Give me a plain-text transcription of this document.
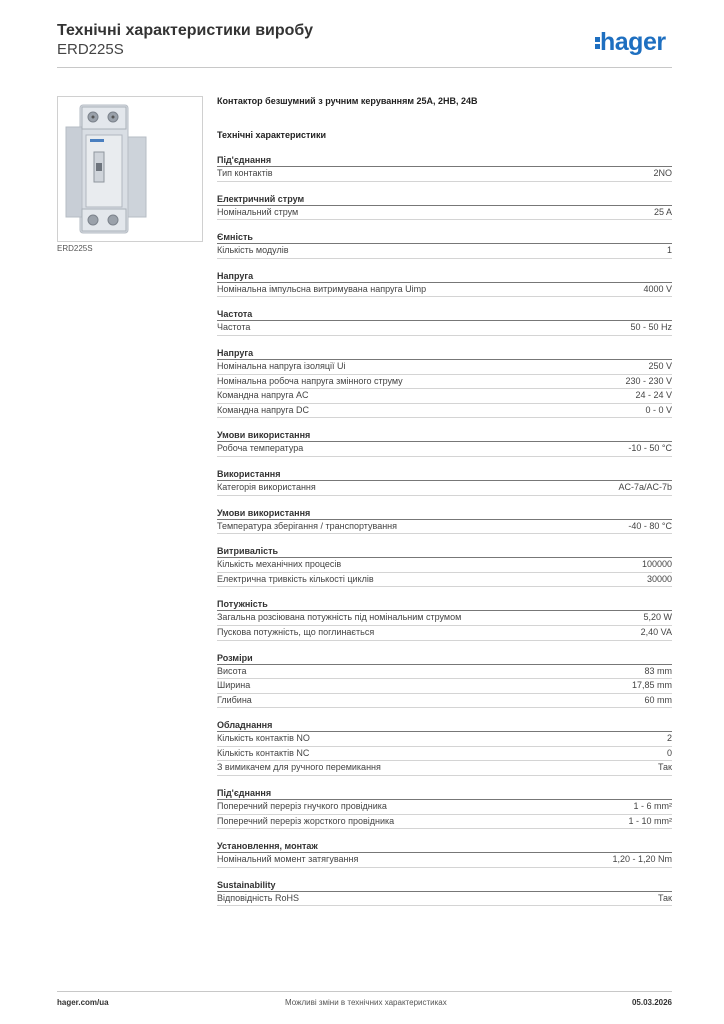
Технічні характеристики виробу
ERD225S	hager
ERD225S
Контактор безшумний з ручним керуванням 25A, 2НВ, 24В
Технічні характеристики
Під'єднання
Тип контактів	2NO
Електричний струм
Номінальний струм	25 A
Ємність
Кількість модулів	1
Напруга
Номінальна імпульсна витримувана напруга Uimp	4000 V
Частота
Частота	50 - 50 Hz
Напруга
Номінальна напруга ізоляції Ui	250 V
Номінальна робоча напруга змінного струму	230 - 230 V
Командна напруга AC	24 - 24 V
Командна напруга DC	0 - 0 V
Умови використання
Робоча температура	-10 - 50 °C
Використання
Категорія використання	AC-7a/AC-7b
Умови використання
Температура зберігання / транспортування	-40 - 80 °C
Витривалість
Кількість механічних процесів	100000
Електрична тривкість кількості циклів	30000
Потужність
Загальна розсіювана потужність під номінальним струмом	5,20 W
Пускова потужність, що поглинається	2,40 VA
Розміри
Висота	83 mm
Ширина	17,85 mm
Глибина	60 mm
Обладнання
Кількість контактів NO	2
Кількість контактів NC	0
З вимикачем для ручного перемикання	Так
Під'єднання
Поперечний переріз гнучкого провідника	1 - 6 mm²
Поперечний переріз жорсткого провідника	1 - 10 mm²
Установлення, монтаж
Номінальний момент затягування	1,20 - 1,20 Nm
Sustainability
Відповідність RoHS	Так
hager.com/ua	Можливі зміни в технічних характеристиках	05.03.2026
